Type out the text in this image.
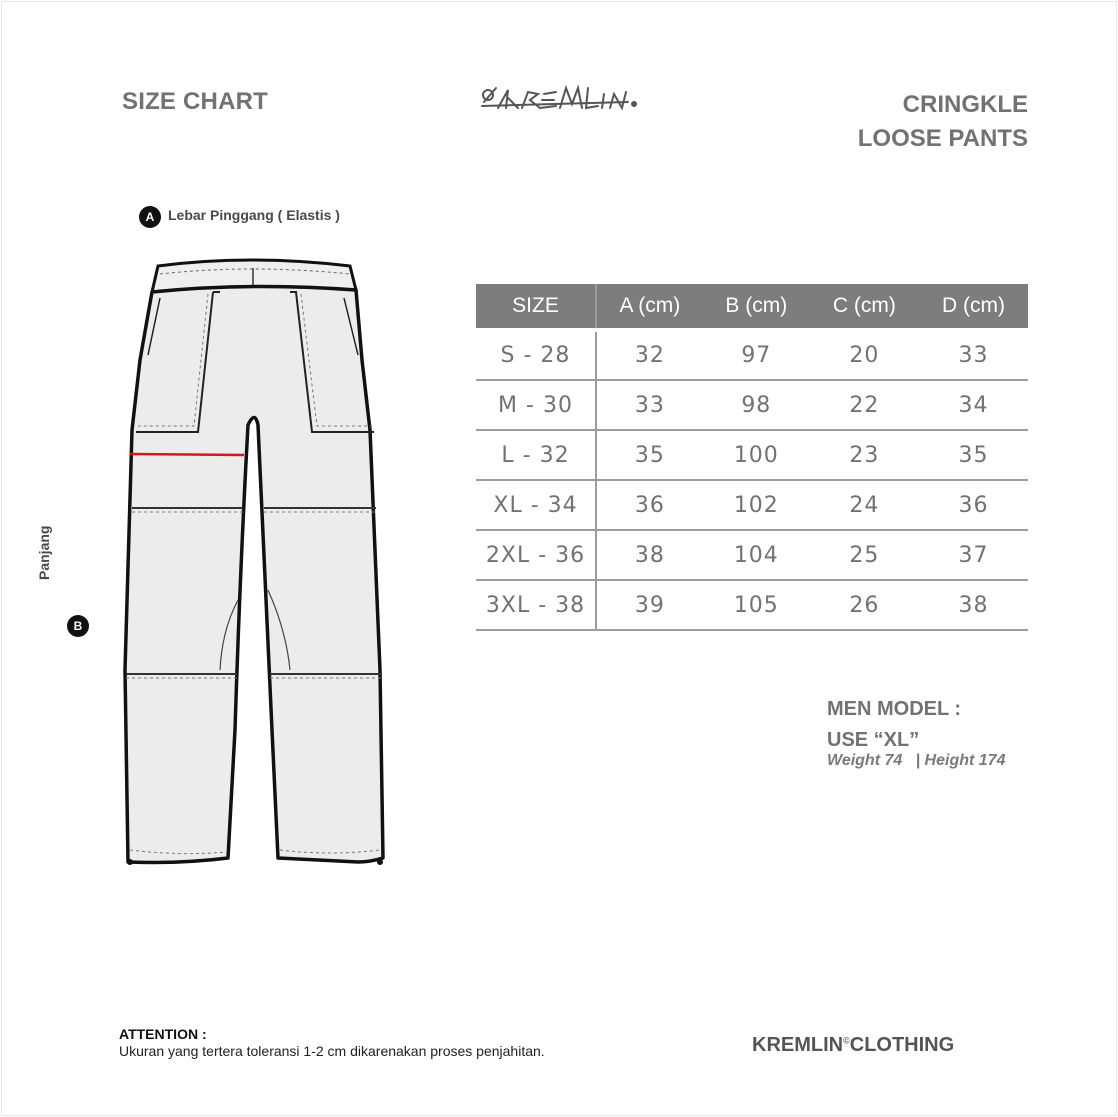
SIZE CHART	CRINGKLE
LOOSE PANTS
A Lebar Pinggang ( Elastis )
B
Panjang
SIZE	A (cm)	B (cm)	C (cm)	D (cm)
S - 28	32	97	20	33
M - 30	33	98	22	34
L - 32	35	100	23	35
XL - 34	36	102	24	36
2XL - 36	38	104	25	37
3XL - 38	39	105	26	38
MEN MODEL :
USE “XL”
Weight 74 | Height 174
ATTENTION :
Ukuran yang tertera toleransi 1-2 cm dikarenakan proses penjahitan.	KREMLIN©CLOTHING
